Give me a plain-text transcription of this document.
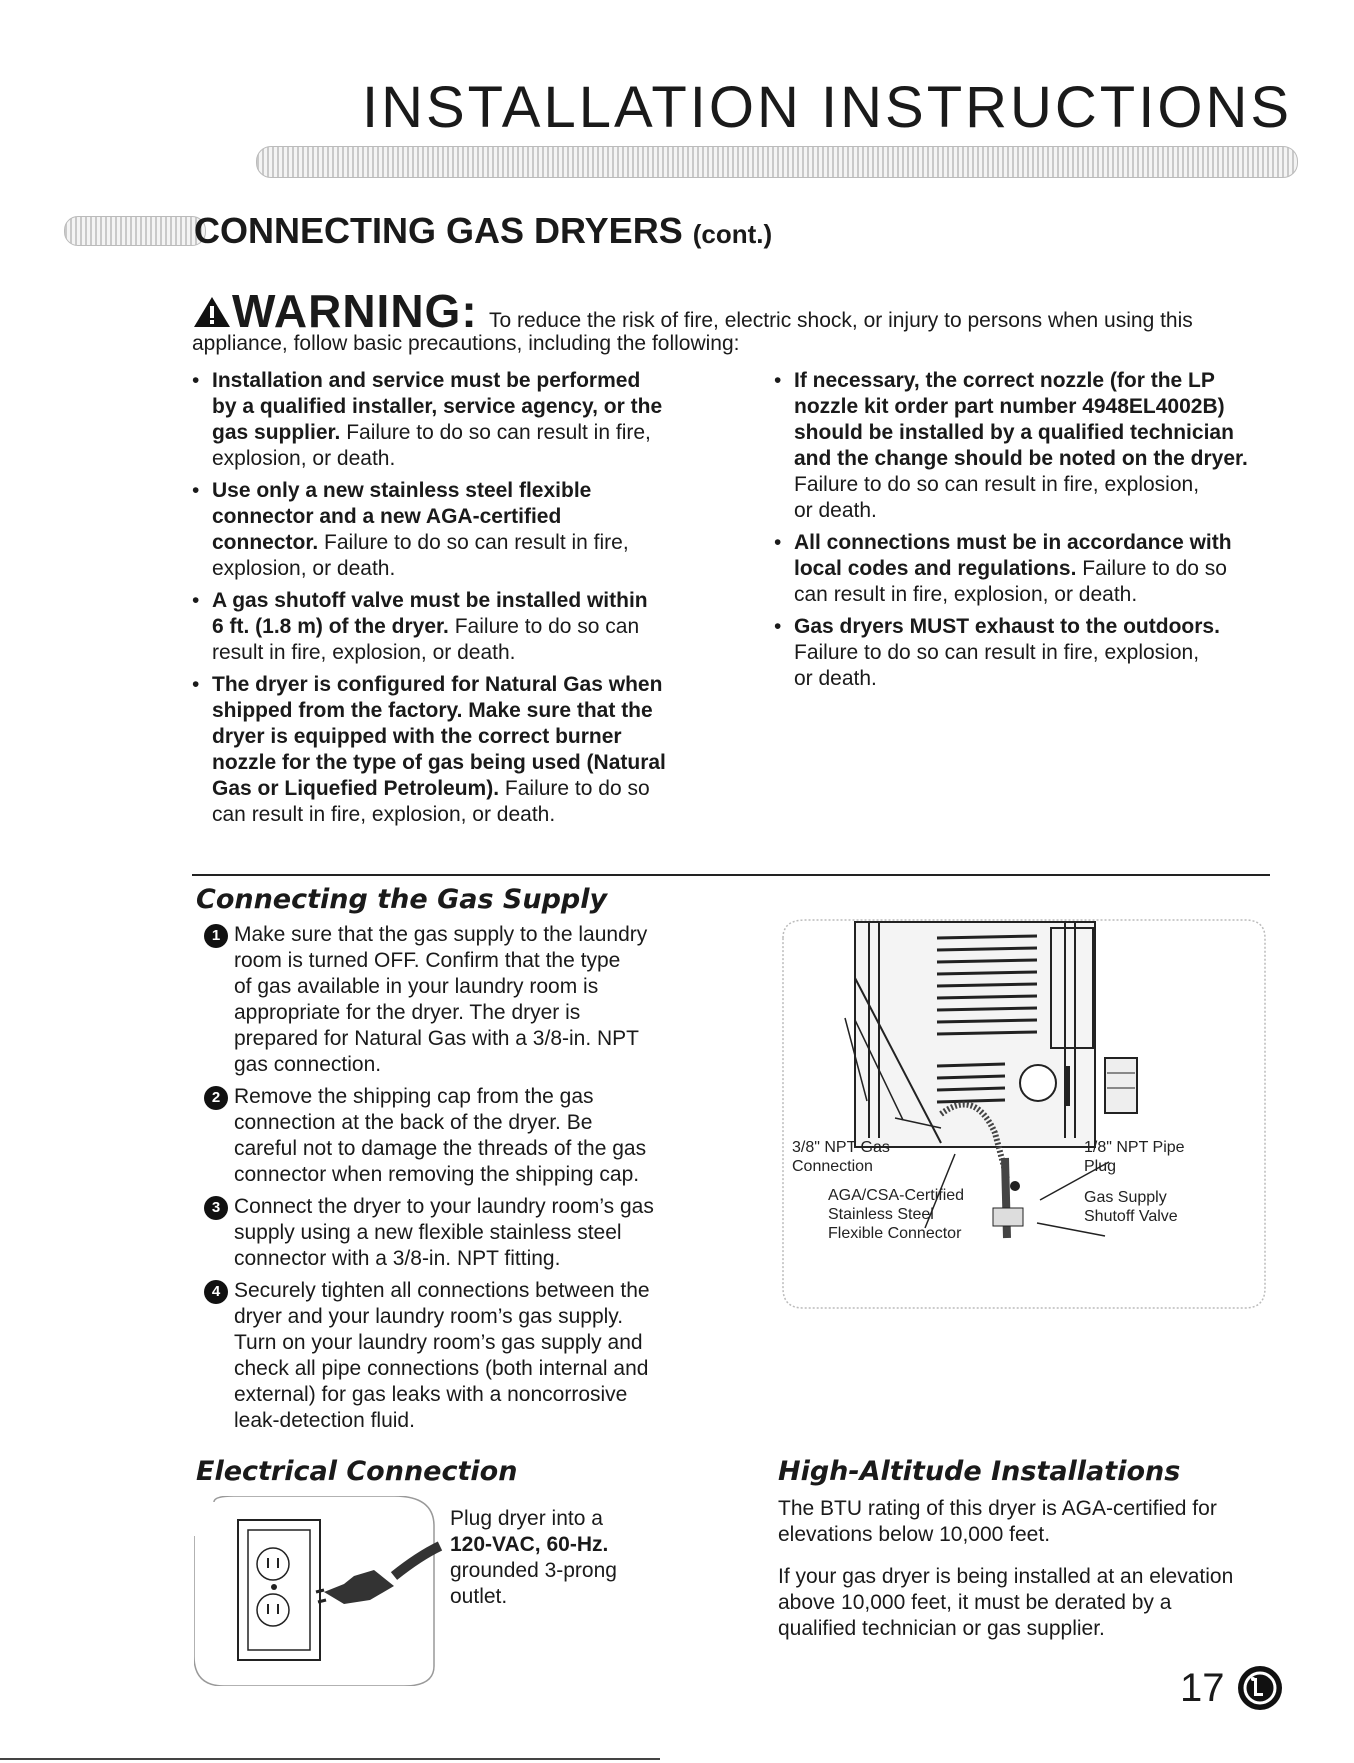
INSTALLATION INSTRUCTIONS
CONNECTING GAS DRYERS (cont.)
WARNING: To reduce the risk of fire, electric shock, or injury to persons when using this
appliance, follow basic precautions, including the following:
• Installation and service must be performed
by a qualified installer, service agency, or the
gas supplier. Failure to do so can result in fire,
explosion, or death.
• Use only a new stainless steel flexible
connector and a new AGA-certified
connector. Failure to do so can result in fire,
explosion, or death.
• A gas shutoff valve must be installed within
6 ft. (1.8 m) of the dryer. Failure to do so can
result in fire, explosion, or death.
• The dryer is configured for Natural Gas when
shipped from the factory. Make sure that the
dryer is equipped with the correct burner
nozzle for the type of gas being used (Natural
Gas or Liquefied Petroleum). Failure to do so
can result in fire, explosion, or death.
• If necessary, the correct nozzle (for the LP
nozzle kit order part number 4948EL4002B)
should be installed by a qualified technician
and the change should be noted on the dryer.
Failure to do so can result in fire, explosion,
or death.
• All connections must be in accordance with
local codes and regulations. Failure to do so
can result in fire, explosion, or death.
• Gas dryers MUST exhaust to the outdoors.
Failure to do so can result in fire, explosion,
or death.
Connecting the Gas Supply
1 Make sure that the gas supply to the laundry
room is turned OFF. Confirm that the type
of gas available in your laundry room is
appropriate for the dryer. The dryer is
prepared for Natural Gas with a 3/8-in. NPT
gas connection.
2 Remove the shipping cap from the gas
connection at the back of the dryer. Be
careful not to damage the threads of the gas
connector when removing the shipping cap.
3 Connect the dryer to your laundry room’s gas
supply using a new flexible stainless steel
connector with a 3/8-in. NPT fitting.
4 Securely tighten all connections between the
dryer and your laundry room’s gas supply.
Turn on your laundry room’s gas supply and
check all pipe connections (both internal and
external) for gas leaks with a noncorrosive
leak-detection fluid.
3/8" NPT Gas
Connection
AGA/CSA-Certified
Stainless Steel
Flexible Connector
1/8" NPT Pipe
Plug
Gas Supply
Shutoff Valve
Electrical Connection
Plug dryer into a
120-VAC, 60-Hz.
grounded 3-prong
outlet.
High-Altitude Installations
The BTU rating of this dryer is AGA-certified for
elevations below 10,000 feet.
If your gas dryer is being installed at an elevation
above 10,000 feet, it must be derated by a
qualified technician or gas supplier.
17
